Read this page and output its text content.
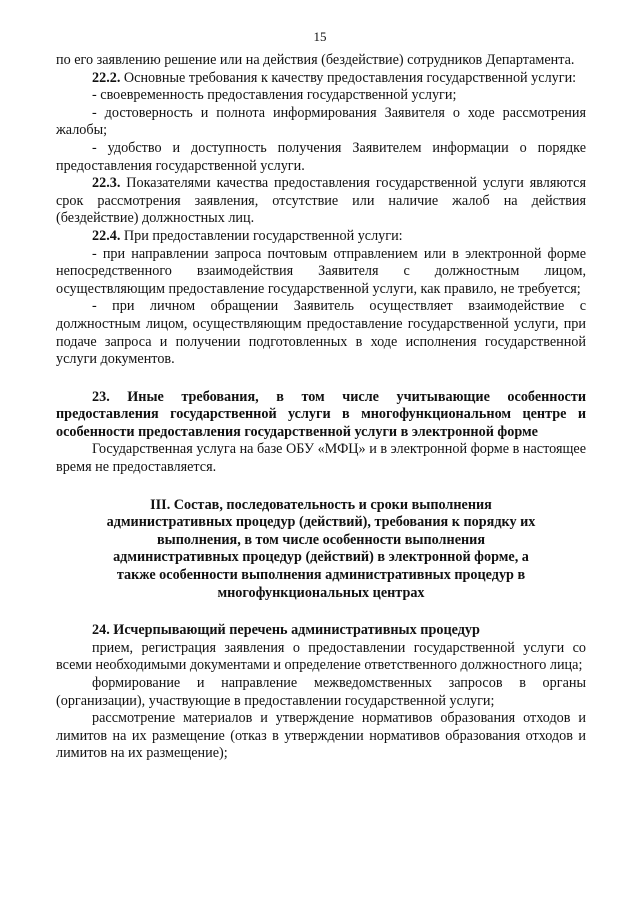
15

по его заявлению решение или на действия (бездействие) сотрудников Департамента.

22.2. Основные требования к качеству предоставления государственной услуги:

- своевременность предоставления государственной услуги;

- достоверность и полнота информирования Заявителя о ходе рассмотрения жалобы;

- удобство и доступность получения Заявителем информации о порядке предоставления государственной услуги.

22.3. Показателями качества предоставления государственной услуги являются срок рассмотрения заявления, отсутствие или наличие жалоб на действия (бездействие) должностных лиц.

22.4. При предоставлении государственной услуги:

- при направлении запроса почтовым отправлением или в электронной форме непосредственного взаимодействия Заявителя с должностным лицом, осуществляющим предоставление государственной услуги, как правило, не требуется;

- при личном обращении Заявитель осуществляет взаимодействие с должностным лицом, осуществляющим предоставление государственной услуги, при подаче запроса и получении подготовленных в ходе исполнения государственной услуги документов.

23. Иные требования, в том числе учитывающие особенности предоставления государственной услуги в многофункциональном центре и особенности предоставления государственной услуги в электронной форме

Государственная услуга на базе ОБУ «МФЦ» и в электронной форме в настоящее время не предоставляется.

III. Состав, последовательность и сроки выполнения административных процедур (действий), требования к порядку их выполнения, в том числе особенности выполнения административных процедур (действий) в электронной форме, а также особенности выполнения административных процедур в многофункциональных центрах

24. Исчерпывающий перечень административных процедур

прием, регистрация заявления о предоставлении государственной услуги со всеми необходимыми документами и определение ответственного должностного лица;

формирование и направление межведомственных запросов в органы (организации), участвующие в предоставлении государственной услуги;

рассмотрение материалов и утверждение нормативов образования отходов и лимитов на их размещение (отказ в утверждении нормативов образования отходов и лимитов на их размещение);
